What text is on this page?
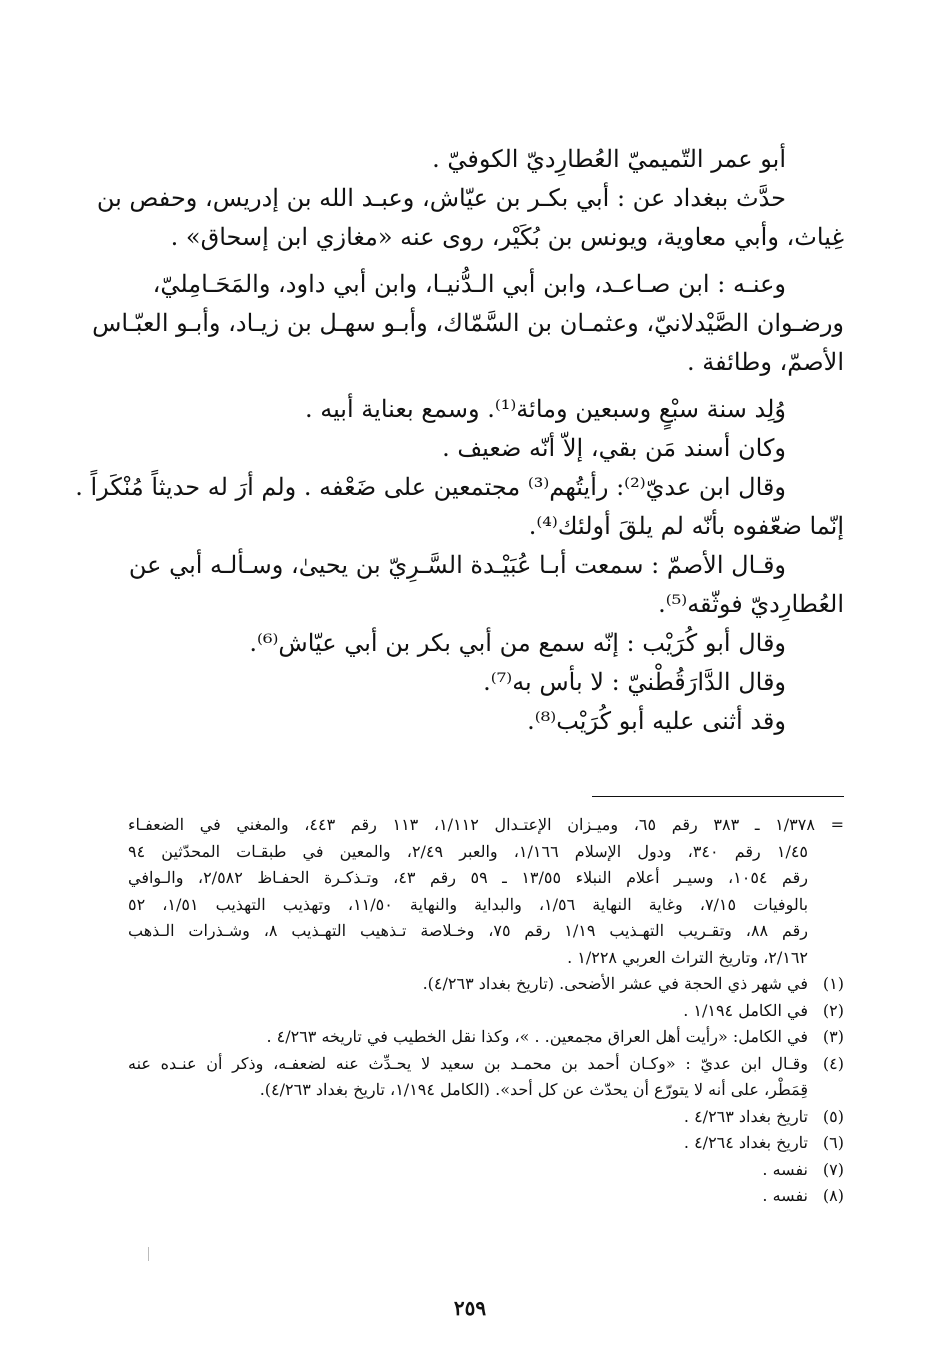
أبو عمر التّميميّ العُطارِديّ الكوفيّ .
حدَّث ببغداد عن : أبي بكـر بن عيّاش، وعبـد الله بن إدريس، وحفص بن
غِياث، وأبي معاوية، ويونس بن بُكَيْر، روى عنه «مغازي ابن إسحاق» .
وعنـه : ابن صـاعـد، وابن أبي الـدُّنيـا، وابن أبي داود، والمَحَـامِليّ،
ورضـوان الصَّيْدلانيّ، وعثمـان بن السَّمّاك، وأبـو سهـل بن زيـاد، وأبـو العبّـاس
الأصمّ، وطائفة .
وُلِد سنة سبْعٍ وسبعين ومائة⁽¹⁾. وسمع بعناية أبيه .
وكان أسند مَن بقي، إلاّ أنّه ضعيف .
وقال ابن عديّ⁽²⁾: رأيتُهم⁽³⁾ مجتمعين على ضَعْفه . ولم أرَ له حديثاً مُنْكَراً .
إنّما ضعّفوه بأنّه لم يلقَ أولئك⁽⁴⁾.
وقـال الأصمّ : سمعت أبـا عُبَيْـدة السَّـرِيّ بن يحيىٰ، وسـألـه أبي عن
العُطارِديّ فوثّقه⁽⁵⁾.
وقال أبو كُرَيْب : إنّه سمع من أبي بكر بن أبي عيّاش⁽⁶⁾.
وقال الدَّارَقُطْنيّ : لا بأس به⁽⁷⁾.
وقد أثنى عليه أبو كُرَيْب⁽⁸⁾.
= ١/٣٧٨ ـ ٣٨٣ رقم ٦٥، وميـزان الإعتـدال ١/١١٢، ١١٣ رقم ٤٤٣، والمغني في الضعفـاء
١/٤٥ رقم ٣٤٠، ودول الإسلام ١/١٦٦، والعبر ٢/٤٩، والمعين في طبقـات المحدّثين ٩٤
رقم ١٠٥٤، وسيـر أعلام النبلاء ١٣/٥٥ ـ ٥٩ رقم ٤٣، وتـذكـرة الحفـاظ ٢/٥٨٢، والـوافي
بالوفيات ٧/١٥، وغاية النهاية ١/٥٦، والبداية والنهاية ١١/٥٠، وتهذيب التهذيب ١/٥١، ٥٢
رقم ٨٨، وتقـريب التهـذيب ١/١٩ رقم ٧٥، وخـلاصة تـذهيب التهـذيب ٨، وشـذرات الـذهب
٢/١٦٢، وتاريخ التراث العربي ١/٢٢٨ .
(١)في شهر ذي الحجة في عشر الأضحى. (تاريخ بغداد ٤/٢٦٣).
(٢)في الكامل ١/١٩٤ .
(٣)في الكامل: «رأيت أهل العراق مجمعين. . »، وكذا نقل الخطيب في تاريخه ٤/٢٦٣ .
(٤)وقـال ابن عديّ : «وكـان أحمد بن محمـد بن سعيد لا يحـدِّث عنه لضعفـه، وذكر أن عنـده عنه
قِمَطْر، على أنه لا يتورّع أن يحدّث عن كل أحد». (الكامل ١/١٩٤، تاريخ بغداد ٤/٢٦٣).
(٥)تاريخ بغداد ٤/٢٦٣ .
(٦)تاريخ بغداد ٤/٢٦٤ .
(٧)نفسه .
(٨)نفسه .
٢٥٩
